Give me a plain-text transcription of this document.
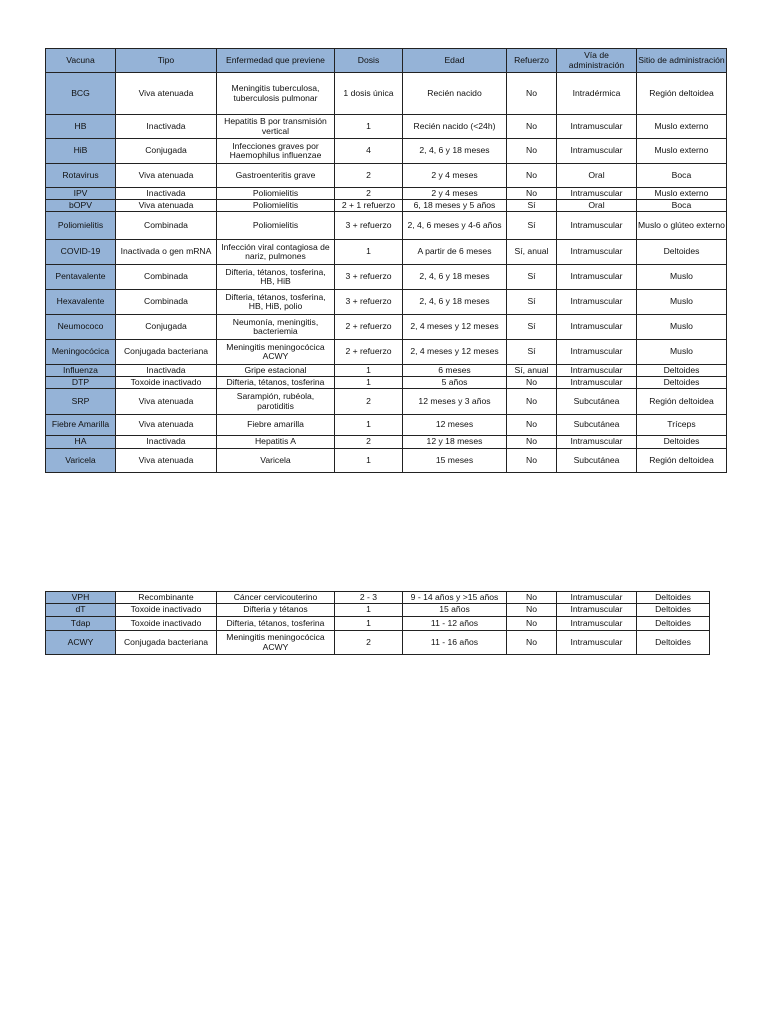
Vacuna	Tipo	Enfermedad que previene	Dosis	Edad	Refuerzo	Vía de administración	Sitio de administración
BCG	Viva atenuada	Meningitis tuberculosa, tuberculosis pulmonar	1 dosis única	Recién nacido	No	Intradérmica	Región deltoidea
HB	Inactivada	Hepatitis B por transmisión vertical	1	Recién nacido (<24h)	No	Intramuscular	Muslo externo
HiB	Conjugada	Infecciones graves por Haemophilus influenzae	4	2, 4, 6 y 18 meses	No	Intramuscular	Muslo externo
Rotavirus	Viva atenuada	Gastroenteritis grave	2	2 y 4 meses	No	Oral	Boca
IPV	Inactivada	Poliomielitis	2	2 y 4 meses	No	Intramuscular	Muslo externo
bOPV	Viva atenuada	Poliomielitis	2 + 1 refuerzo	6, 18 meses y 5 años	Sí	Oral	Boca
Poliomielitis	Combinada	Poliomielitis	3 + refuerzo	2, 4, 6 meses y 4-6 años	Sí	Intramuscular	Muslo o glúteo externo
COVID-19	Inactivada o gen mRNA	Infección viral contagiosa de nariz, pulmones	1	A partir de 6 meses	Sí, anual	Intramuscular	Deltoides
Pentavalente	Combinada	Difteria, tétanos, tosferina, HB, HiB	3 + refuerzo	2, 4, 6 y 18 meses	Sí	Intramuscular	Muslo
Hexavalente	Combinada	Difteria, tétanos, tosferina, HB, HiB, polio	3 + refuerzo	2, 4, 6 y 18 meses	Sí	Intramuscular	Muslo
Neumococo	Conjugada	Neumonía, meningitis, bacteriemia	2 + refuerzo	2, 4 meses y 12 meses	Sí	Intramuscular	Muslo
Meningocócica	Conjugada bacteriana	Meningitis meningocócica ACWY	2 + refuerzo	2, 4 meses y 12 meses	Sí	Intramuscular	Muslo
Influenza	Inactivada	Gripe estacional	1	6 meses	Sí, anual	Intramuscular	Deltoides
DTP	Toxoide inactivado	Difteria, tétanos, tosferina	1	5 años	No	Intramuscular	Deltoides
SRP	Viva atenuada	Sarampión, rubéola, parotiditis	2	12 meses y 3 años	No	Subcutánea	Región deltoidea
Fiebre Amarilla	Viva atenuada	Fiebre amarilla	1	12 meses	No	Subcutánea	Tríceps
HA	Inactivada	Hepatitis A	2	12 y 18 meses	No	Intramuscular	Deltoides
Varicela	Viva atenuada	Varicela	1	15 meses	No	Subcutánea	Región deltoidea
VPH	Recombinante	Cáncer cervicouterino	2 - 3	9 - 14 años y >15 años	No	Intramuscular	Deltoides
dT	Toxoide inactivado	Difteria y tétanos	1	15 años	No	Intramuscular	Deltoides
Tdap	Toxoide inactivado	Difteria, tétanos, tosferina	1	11 - 12 años	No	Intramuscular	Deltoides
ACWY	Conjugada bacteriana	Meningitis meningocócica ACWY	2	11 - 16 años	No	Intramuscular	Deltoides
